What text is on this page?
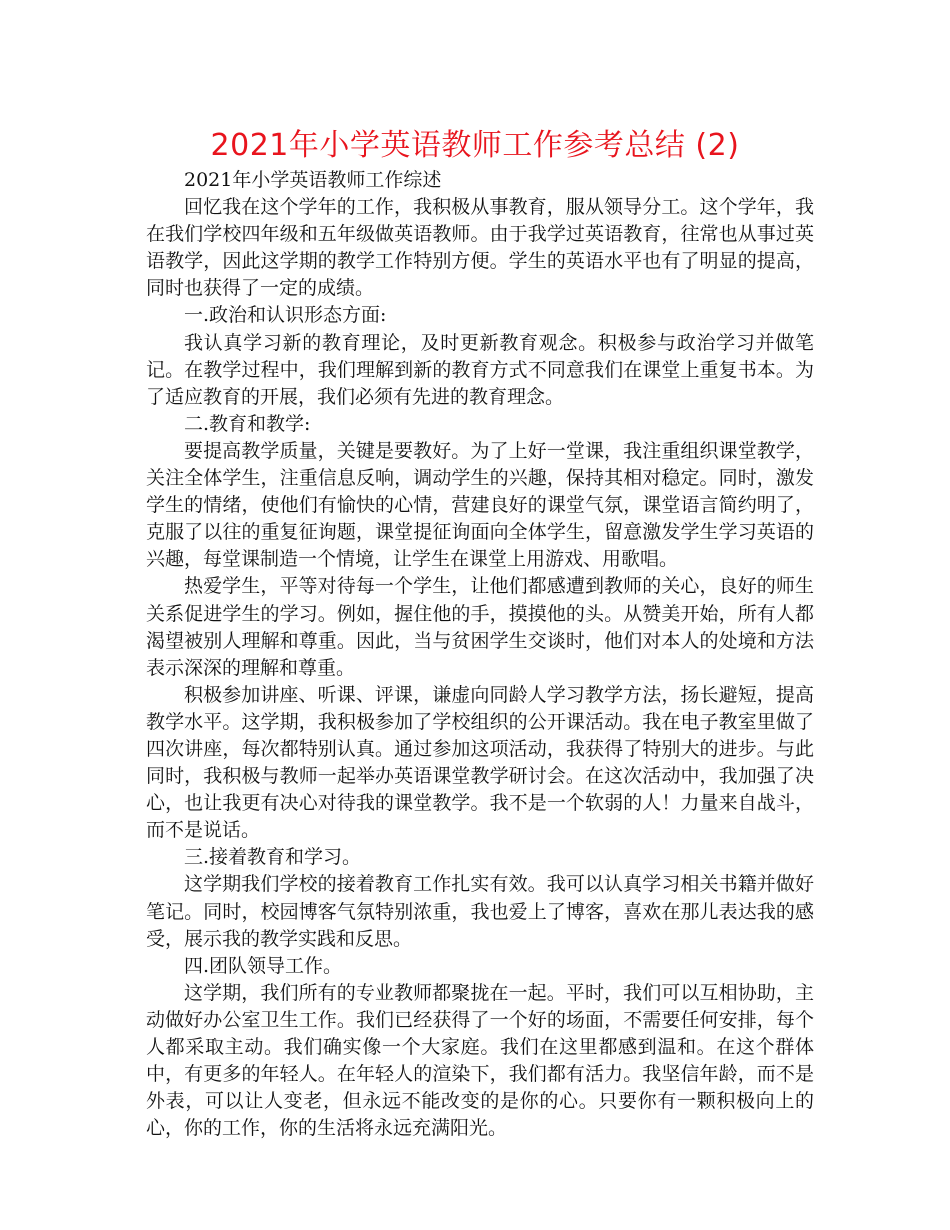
2021年小学英语教师工作参考总结 (2)

2021年小学英语教师工作综述

回忆我在这个学年的工作，我积极从事教育，服从领导分工。这个学年，我在我们学校四年级和五年级做英语教师。由于我学过英语教育，往常也从事过英语教学，因此这学期的教学工作特别方便。学生的英语水平也有了明显的提高，同时也获得了一定的成绩。

一.政治和认识形态方面:

我认真学习新的教育理论，及时更新教育观念。积极参与政治学习并做笔记。在教学过程中，我们理解到新的教育方式不同意我们在课堂上重复书本。为了适应教育的开展，我们必须有先进的教育理念。

二.教育和教学:

要提高教学质量，关键是要教好。为了上好一堂课，我注重组织课堂教学，关注全体学生，注重信息反响，调动学生的兴趣，保持其相对稳定。同时，激发学生的情绪，使他们有愉快的心情，营建良好的课堂气氛，课堂语言简约明了，克服了以往的重复征询题，课堂提征询面向全体学生，留意激发学生学习英语的兴趣，每堂课制造一个情境，让学生在课堂上用游戏、用歌唱。

热爱学生，平等对待每一个学生，让他们都感遭到教师的关心，良好的师生关系促进学生的学习。例如，握住他的手，摸摸他的头。从赞美开始，所有人都渴望被别人理解和尊重。因此，当与贫困学生交谈时，他们对本人的处境和方法表示深深的理解和尊重。

积极参加讲座、听课、评课，谦虚向同龄人学习教学方法，扬长避短，提高教学水平。这学期，我积极参加了学校组织的公开课活动。我在电子教室里做了四次讲座，每次都特别认真。通过参加这项活动，我获得了特别大的进步。与此同时，我积极与教师一起举办英语课堂教学研讨会。在这次活动中，我加强了决心，也让我更有决心对待我的课堂教学。我不是一个软弱的人！力量来自战斗，而不是说话。

三.接着教育和学习。

这学期我们学校的接着教育工作扎实有效。我可以认真学习相关书籍并做好笔记。同时，校园博客气氛特别浓重，我也爱上了博客，喜欢在那儿表达我的感受，展示我的教学实践和反思。

四.团队领导工作。

这学期，我们所有的专业教师都聚拢在一起。平时，我们可以互相协助，主动做好办公室卫生工作。我们已经获得了一个好的场面，不需要任何安排，每个人都采取主动。我们确实像一个大家庭。我们在这里都感到温和。在这个群体中，有更多的年轻人。在年轻人的渲染下，我们都有活力。我坚信年龄，而不是外表，可以让人变老，但永远不能改变的是你的心。只要你有一颗积极向上的心，你的工作，你的生活将永远充满阳光。
